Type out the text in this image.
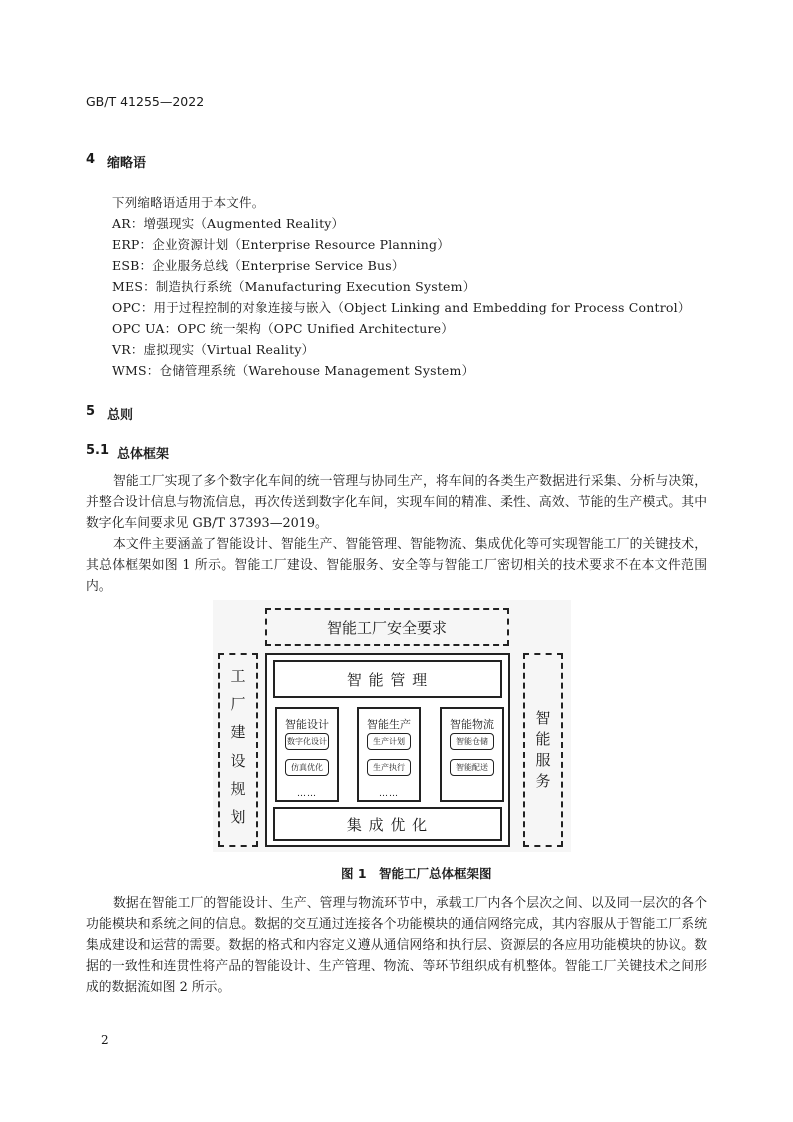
GB/T 41255—2022
4 缩略语
下列缩略语适用于本文件。
AR：增强现实（Augmented Reality）
ERP：企业资源计划（Enterprise Resource Planning）
ESB：企业服务总线（Enterprise Service Bus）
MES：制造执行系统（Manufacturing Execution System）
OPC：用于过程控制的对象连接与嵌入（Object Linking and Embedding for Process Control）
OPC UA：OPC 统一架构（OPC Unified Architecture）
VR：虚拟现实（Virtual Reality）
WMS：仓储管理系统（Warehouse Management System）
5 总则
5.1 总体框架
智能工厂实现了多个数字化车间的统一管理与协同生产，将车间的各类生产数据进行采集、分析与决策，并整合设计信息与物流信息，再次传送到数字化车间，实现车间的精准、柔性、高效、节能的生产模式。其中数字化车间要求见 GB/T 37393—2019。
本文件主要涵盖了智能设计、智能生产、智能管理、智能物流、集成优化等可实现智能工厂的关键技术，其总体框架如图 1 所示。智能工厂建设、智能服务、安全等与智能工厂密切相关的技术要求不在本文件范围内。
智能工厂安全要求
工
厂
建
设
规
划
智
能
服
务
智 能 管 理
智能设计
数字化设计
仿真优化
……
智能生产
生产计划
生产执行
……
智能物流
智能仓储
智能配送
集 成 优 化
图 1 智能工厂总体框架图
数据在智能工厂的智能设计、生产、管理与物流环节中，承载工厂内各个层次之间、以及同一层次的各个功能模块和系统之间的信息。数据的交互通过连接各个功能模块的通信网络完成，其内容服从于智能工厂系统集成建设和运营的需要。数据的格式和内容定义遵从通信网络和执行层、资源层的各应用功能模块的协议。数据的一致性和连贯性将产品的智能设计、生产管理、物流、等环节组织成有机整体。智能工厂关键技术之间形成的数据流如图 2 所示。
2
